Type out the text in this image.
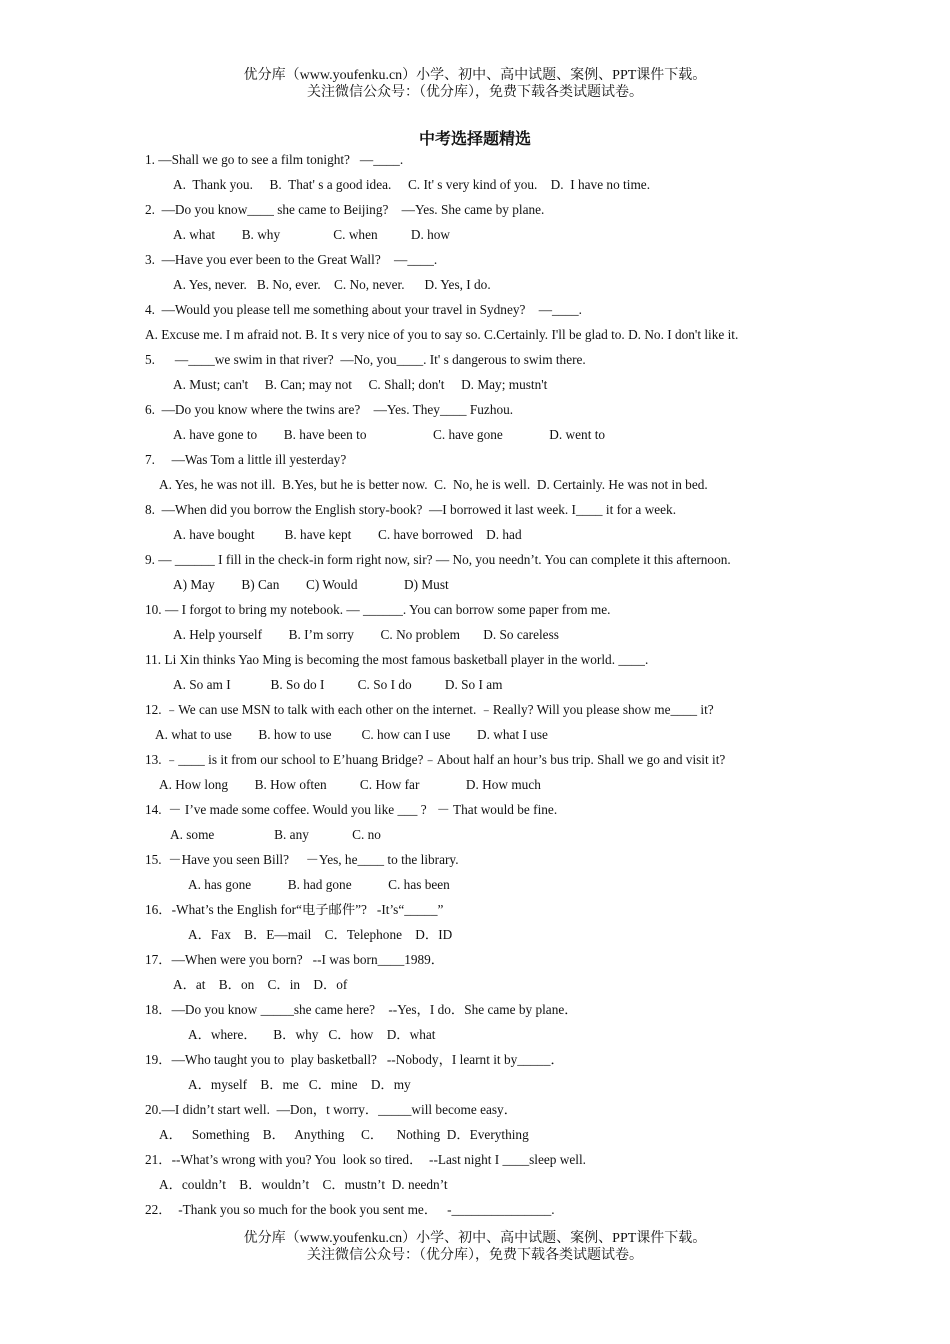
优分库（www.youfenku.cn）小学、初中、高中试题、案例、PPT课件下载。
关注微信公众号：（优分库），免费下载各类试题试卷。
中考选择题精选
1. —Shall we go to see a film tonight?   —____.
A.  Thank you.     B.  That' s a good idea.     C. It' s very kind of you.    D.  I have no time.
2.  —Do you know____ she came to Beijing?    —Yes. She came by plane.
A. what        B. why                C. when          D. how
3.  —Have you ever been to the Great Wall?    —____.
A. Yes, never.   B. No, ever.    C. No, never.      D. Yes, I do.
4.  —Would you please tell me something about your travel in Sydney?    —____.
A. Excuse me. I m afraid not. B. It s very nice of you to say so. C.Certainly. I'll be glad to. D. No. I don't like it.
5.      —____we swim in that river?  —No, you____. It' s dangerous to swim there.
A. Must; can't     B. Can; may not     C. Shall; don't     D. May; mustn't
6.  —Do you know where the twins are?    —Yes. They____ Fuzhou.
A. have gone to        B. have been to                    C. have gone              D. went to
7.     —Was Tom a little ill yesterday?
A. Yes, he was not ill.  B.Yes, but he is better now.  C.  No, he is well.  D. Certainly. He was not in bed.
8.  —When did you borrow the English story-book?  —I borrowed it last week. I____ it for a week.
A. have bought         B. have kept        C. have borrowed    D. had
9. — ______ I fill in the check-in form right now, sir? — No, you needn’t. You can complete it this afternoon.
A) May        B) Can        C) Would              D) Must
10. — I forgot to bring my notebook. — ______. You can borrow some paper from me.
A. Help yourself        B. I’m sorry        C. No problem       D. So careless
11. Li Xin thinks Yao Ming is becoming the most famous basketball player in the world. ____.
A. So am I            B. So do I          C. So I do          D. So I am
12. ﹣We can use MSN to talk with each other on the internet. ﹣Really? Will you please show me____ it?
A. what to use        B. how to use         C. how can I use        D. what I use
13. ﹣____ is it from our school to E’huang Bridge?﹣About half an hour’s bus trip. Shall we go and visit it?
A. How long        B. How often          C. How far              D. How much
14.  － I’ve made some coffee. Would you like ___ ?   － That would be fine.
A. some                  B. any             C. no
15.  －Have you seen Bill?     －Yes, he____ to the library.
A. has gone           B. had gone           C. has been
16．-What’s the English for“电子邮件”?   -It’s“_____”
A．Fax    B．E—mail    C．Telephone    D．ID
17．—When were you born?   --I was born____1989．
A．at    B．on    C．in    D．of
18．—Do you know _____she came here?    --Yes，I do．She came by plane．
A．where．     B．why   C．how    D．what
19．—Who taught you to  play basketball?   --Nobody，I learnt it by_____．
A．myself    B．me   C．mine    D．my
20.—I didn’t start well.  —Don，t worry．_____will become easy．
A．   Something    B．   Anything     C．    Nothing  D．Everything
21．--What’s wrong with you? You  look so tired．  --Last night I ____sleep well.
A．couldn’t    B．wouldn’t    C．mustn’t  D. needn’t
22．  -Thank you so much for the book you sent me．   -_______________.
优分库（www.youfenku.cn）小学、初中、高中试题、案例、PPT课件下载。
关注微信公众号：（优分库），免费下载各类试题试卷。
